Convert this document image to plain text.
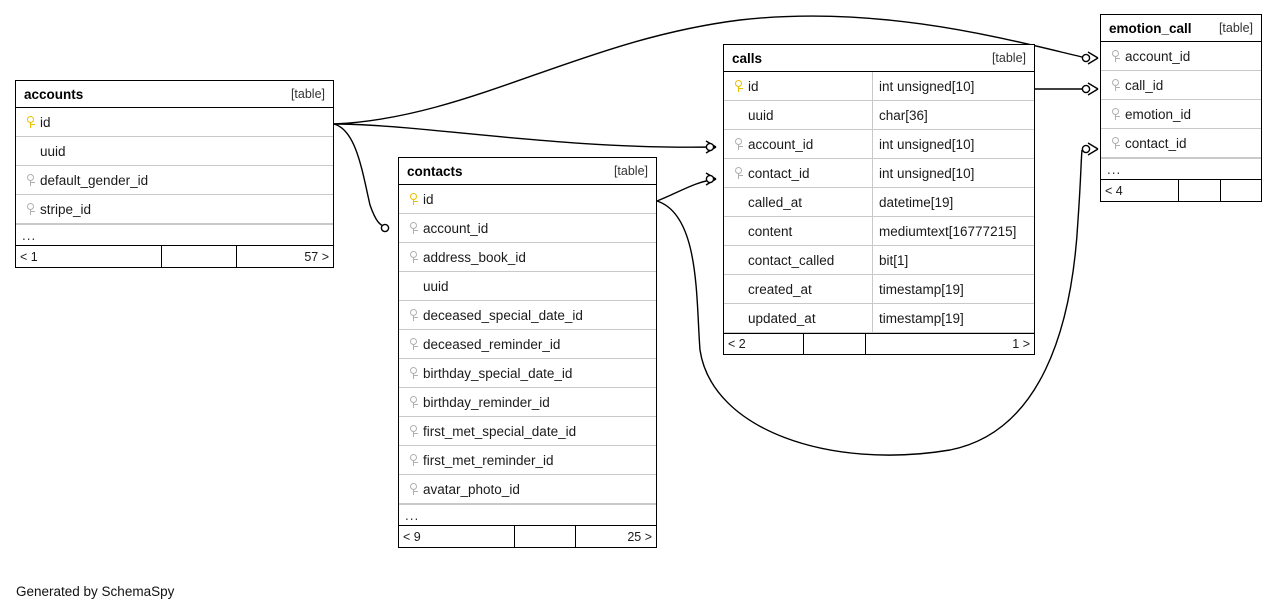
accounts	[table]
id
uuid
default_gender_id
stripe_id
...
< 1	57 >
contacts	[table]
id
account_id
address_book_id
uuid
deceased_special_date_id
deceased_reminder_id
birthday_special_date_id
birthday_reminder_id
first_met_special_date_id
first_met_reminder_id
avatar_photo_id
...
< 9	25 >
calls	[table]
id	int unsigned[10]
uuid	char[36]
account_id	int unsigned[10]
contact_id	int unsigned[10]
called_at	datetime[19]
content	mediumtext[16777215]
contact_called	bit[1]
created_at	timestamp[19]
updated_at	timestamp[19]
< 2	1 >
emotion_call [table]
account_id
call_id
emotion_id
contact_id
...
< 4
Generated by SchemaSpy
